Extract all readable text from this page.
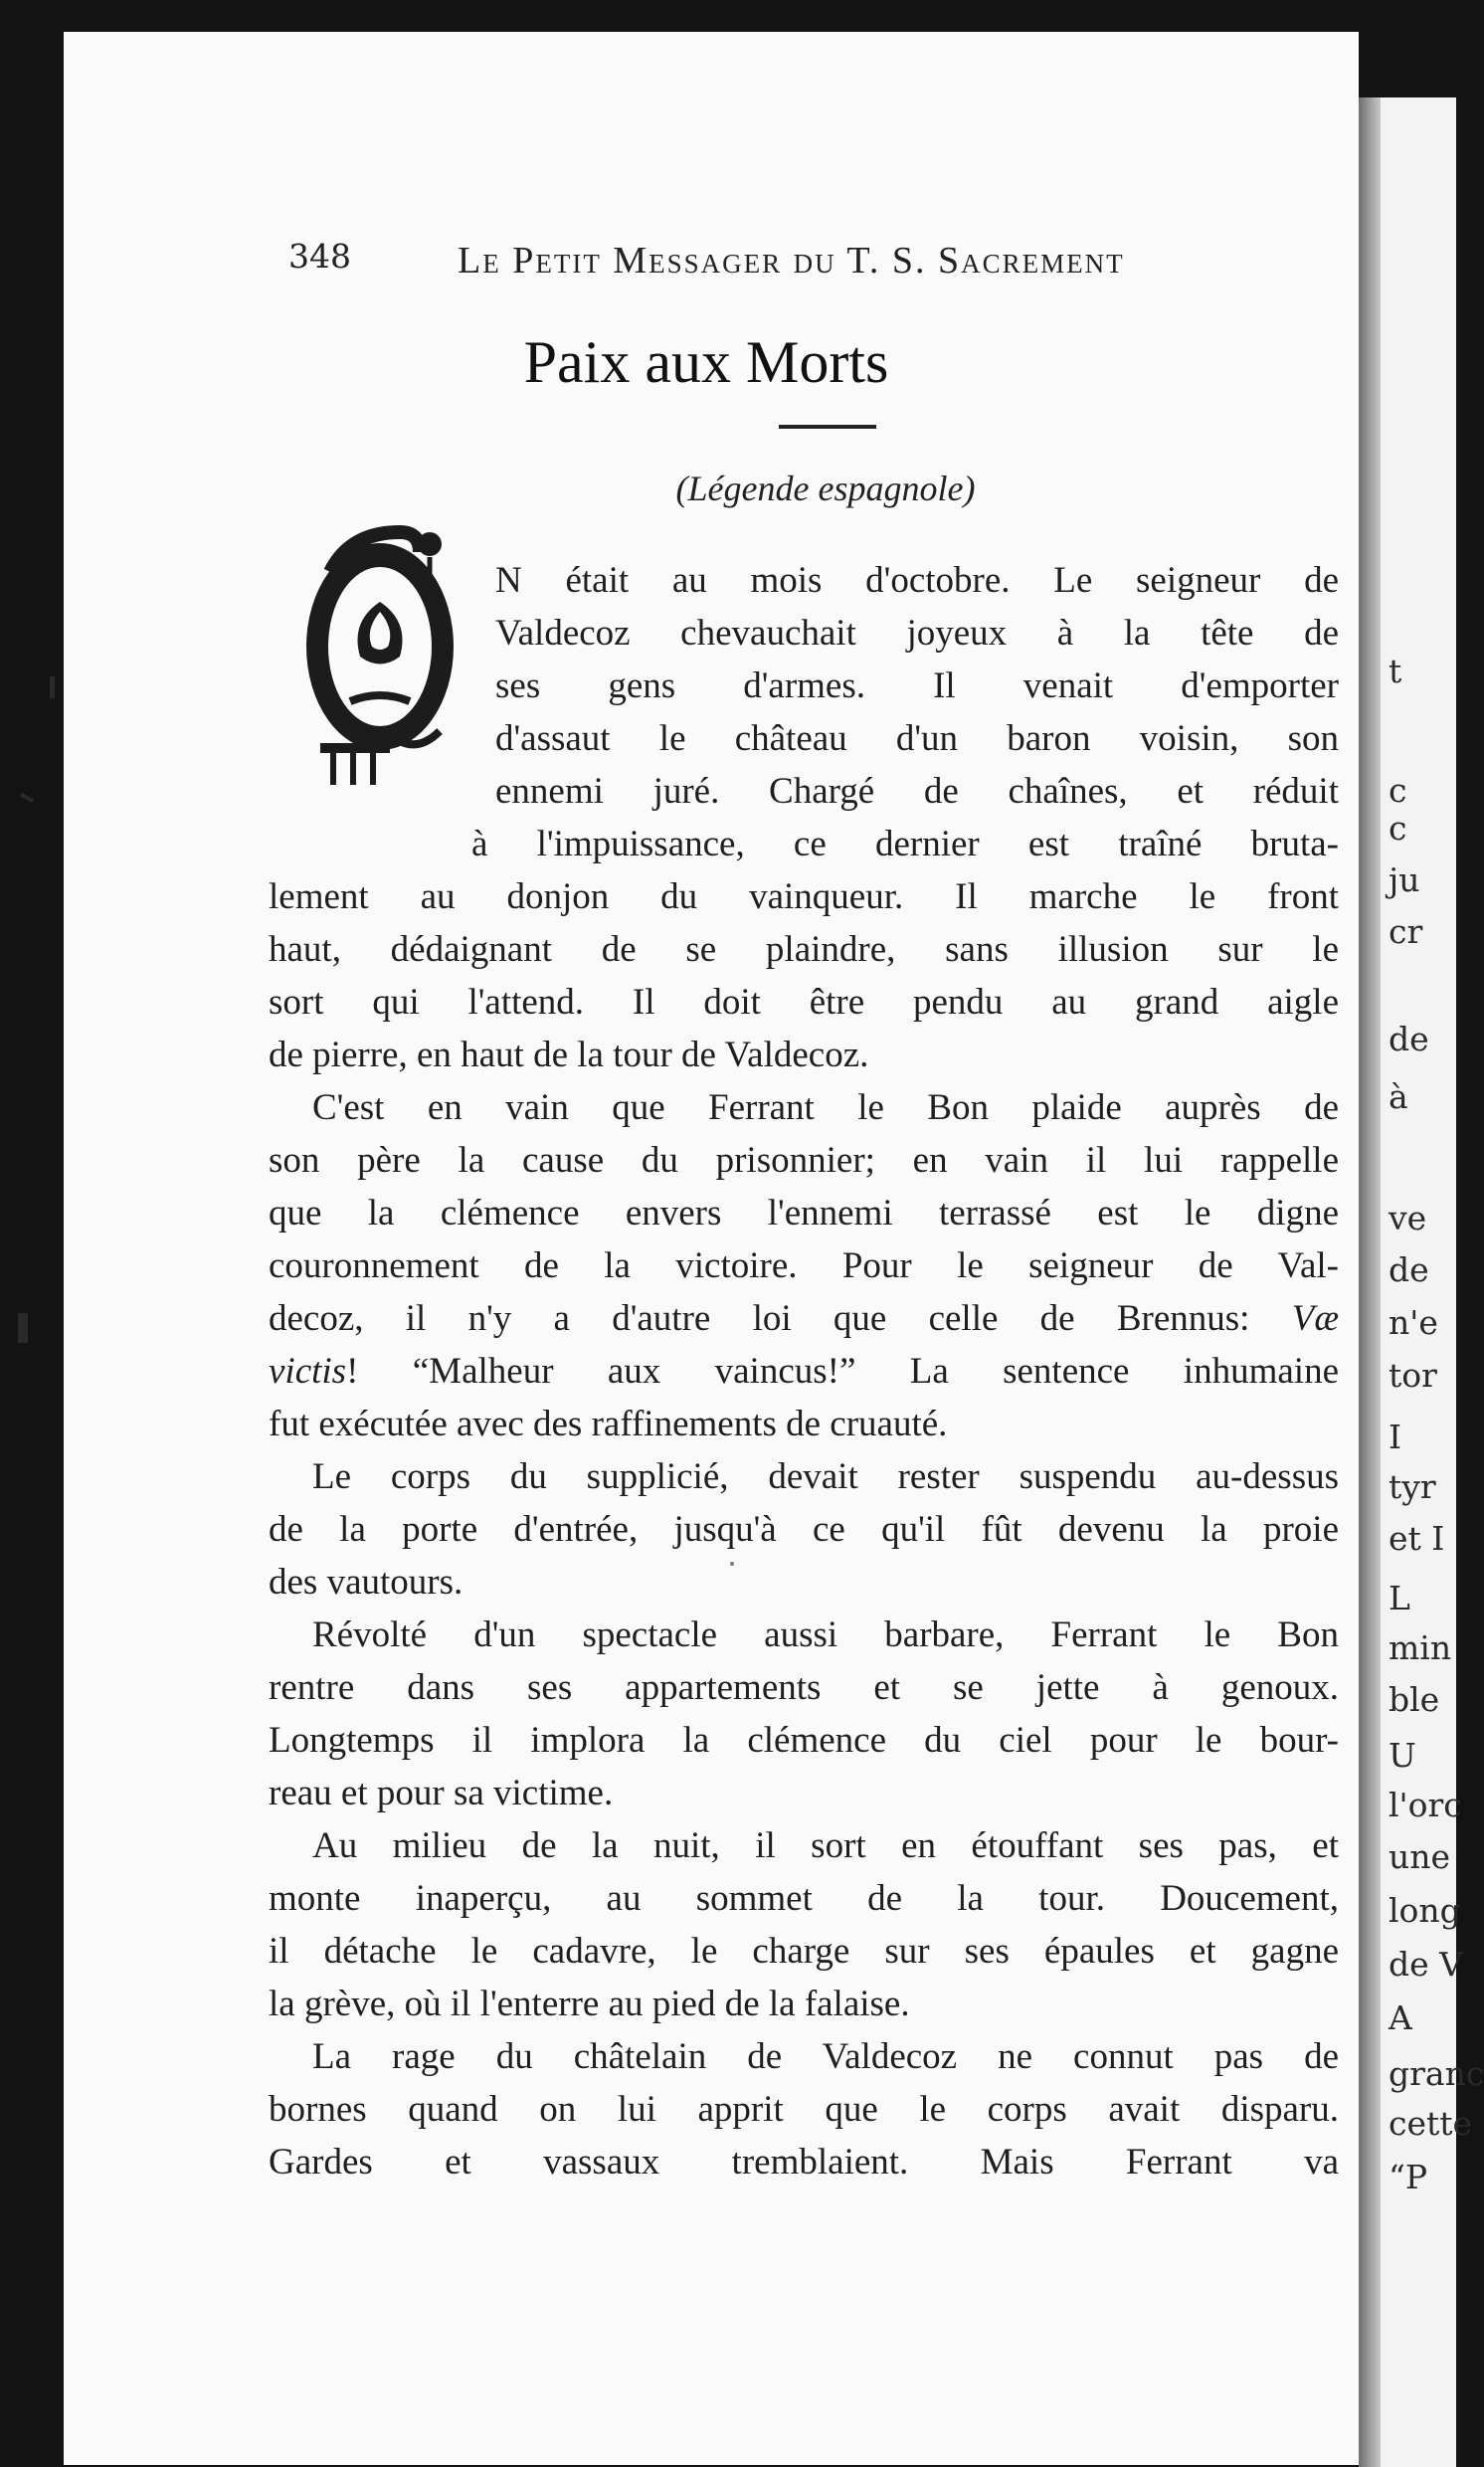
t
c
c
ju
cr
de
à
ve
de
n'e
tor
I
tyr
et I
L
min
ble
U
l'orc
une
long
de V
A
granc
cette
“P
348	Le Petit Messager du T. S. Sacrement
Paix aux Morts
(Légende espagnole)
N était au mois d'octobre. Le seigneur de
Valdecoz chevauchait joyeux à la tête de
ses gens d'armes. Il venait d'emporter
d'assaut le château d'un baron voisin, son
ennemi juré. Chargé de chaînes, et réduit
à l'impuissance, ce dernier est traîné bruta-
lement au donjon du vainqueur. Il marche le front
haut, dédaignant de se plaindre, sans illusion sur le
sort qui l'attend. Il doit être pendu au grand aigle
de pierre, en haut de la tour de Valdecoz.
C'est en vain que Ferrant le Bon plaide auprès de
son père la cause du prisonnier; en vain il lui rappelle
que la clémence envers l'ennemi terrassé est le digne
couronnement de la victoire. Pour le seigneur de Val-
decoz, il n'y a d'autre loi que celle de Brennus: Væ
victis! “Malheur aux vaincus!” La sentence inhumaine
fut exécutée avec des raffinements de cruauté.
Le corps du supplicié, devait rester suspendu au-dessus
de la porte d'entrée, jusqu'à ce qu'il fût devenu la proie
des vautours.
Révolté d'un spectacle aussi barbare, Ferrant le Bon
rentre dans ses appartements et se jette à genoux.
Longtemps il implora la clémence du ciel pour le bour-
reau et pour sa victime.
Au milieu de la nuit, il sort en étouffant ses pas, et
monte inaperçu, au sommet de la tour. Doucement,
il détache le cadavre, le charge sur ses épaules et gagne
la grève, où il l'enterre au pied de la falaise.
La rage du châtelain de Valdecoz ne connut pas de
bornes quand on lui apprit que le corps avait disparu.
Gardes et vassaux tremblaient. Mais Ferrant va
